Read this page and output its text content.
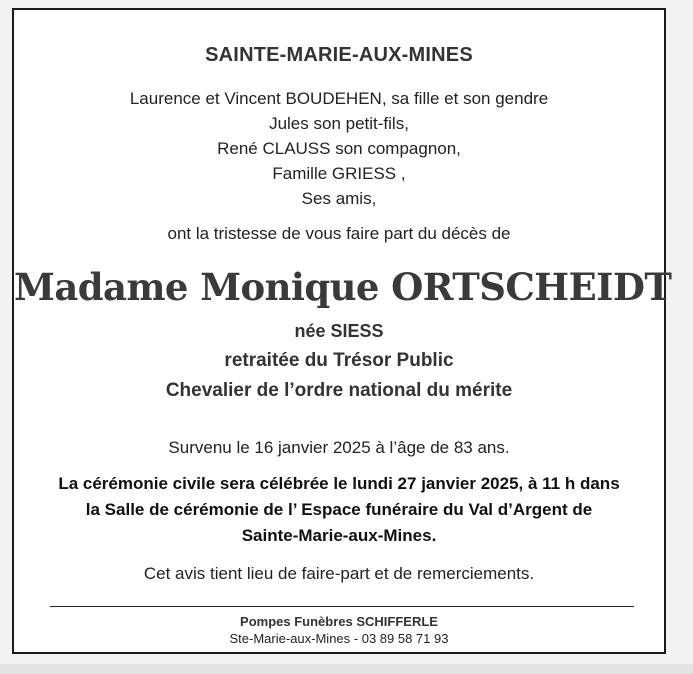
SAINTE-MARIE-AUX-MINES
Laurence et Vincent BOUDEHEN, sa fille et son gendre
Jules son petit-fils,
René CLAUSS son compagnon,
Famille GRIESS ,
Ses amis,
ont la tristesse de vous faire part du décès de
Madame Monique ORTSCHEIDT
née SIESS
retraitée du Trésor Public
Chevalier de l’ordre national du mérite
Survenu le 16 janvier 2025 à l’âge de 83 ans.
La cérémonie civile sera célébrée le lundi 27 janvier 2025, à 11 h dans
la Salle de cérémonie de l’ Espace funéraire du Val d’Argent de
Sainte-Marie-aux-Mines.
Cet avis tient lieu de faire-part et de remerciements.
Pompes Funèbres SCHIFFERLE
Ste-Marie-aux-Mines - 03 89 58 71 93
